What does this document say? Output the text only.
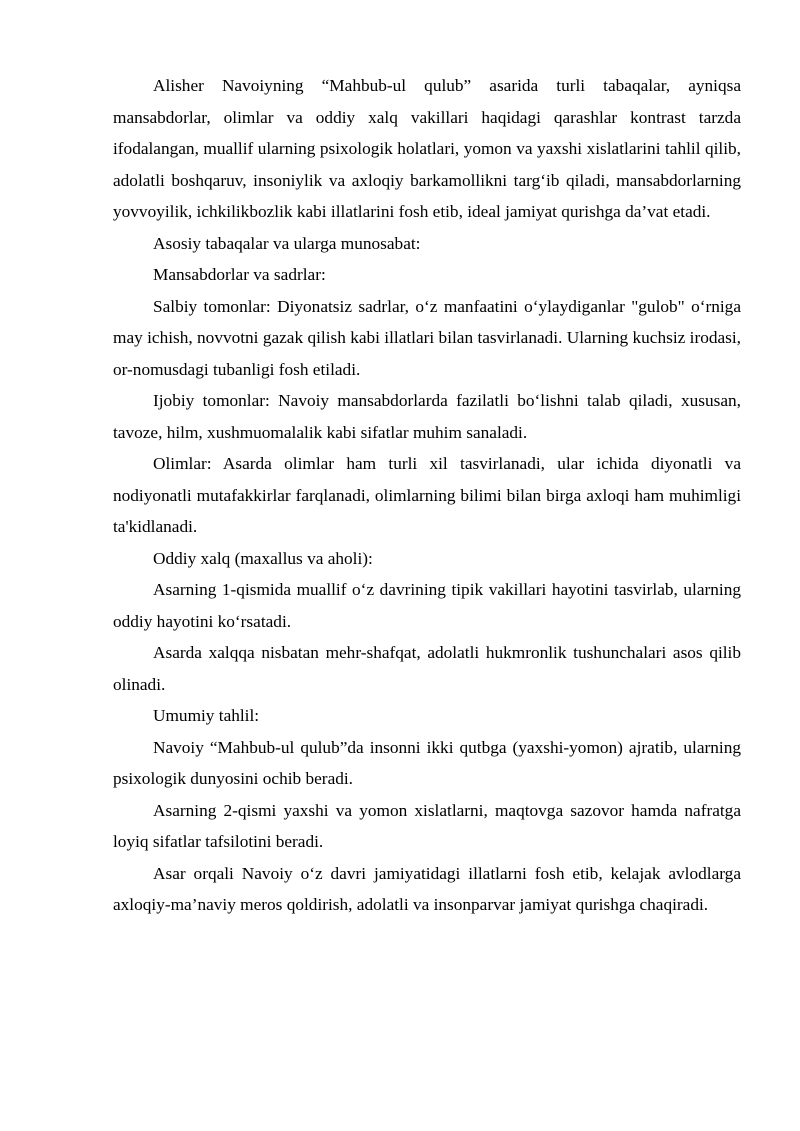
Alisher Navoiyning “Mahbub-ul qulub” asarida turli tabaqalar, ayniqsa mansabdorlar, olimlar va oddiy xalq vakillari haqidagi qarashlar kontrast tarzda ifodalangan, muallif ularning psixologik holatlari, yomon va yaxshi xislatlarini tahlil qilib, adolatli boshqaruv, insoniylik va axloqiy barkamollikni targ‘ib qiladi, mansabdorlarning yovvoyilik, ichkilikbozlik kabi illatlarini fosh etib, ideal jamiyat qurishga da’vat etadi.

Asosiy tabaqalar va ularga munosabat:

Mansabdorlar va sadrlar:

Salbiy tomonlar: Diyonatsiz sadrlar, o‘z manfaatini o‘ylaydiganlar "gulob" o‘rniga may ichish, novvotni gazak qilish kabi illatlari bilan tasvirlanadi. Ularning kuchsiz irodasi, or-nomusdagi tubanligi fosh etiladi.

Ijobiy tomonlar: Navoiy mansabdorlarda fazilatli bo‘lishni talab qiladi, xususan, tavoze, hilm, xushmuomalalik kabi sifatlar muhim sanaladi.

Olimlar: Asarda olimlar ham turli xil tasvirlanadi, ular ichida diyonatli va nodiyonatli mutafakkirlar farqlanadi, olimlarning bilimi bilan birga axloqi ham muhimligi ta'kidlanadi.

Oddiy xalq (maxallus va aholi):

Asarning 1-qismida muallif o‘z davrining tipik vakillari hayotini tasvirlab, ularning oddiy hayotini ko‘rsatadi.

Asarda xalqqa nisbatan mehr-shafqat, adolatli hukmronlik tushunchalari asos qilib olinadi.

Umumiy tahlil:

Navoiy “Mahbub-ul qulub”da insonni ikki qutbga (yaxshi-yomon) ajratib, ularning psixologik dunyosini ochib beradi.

Asarning 2-qismi yaxshi va yomon xislatlarni, maqtovga sazovor hamda nafratga loyiq sifatlar tafsilotini beradi.

Asar orqali Navoiy o‘z davri jamiyatidagi illatlarni fosh etib, kelajak avlodlarga axloqiy-ma’naviy meros qoldirish, adolatli va insonparvar jamiyat qurishga chaqiradi.
